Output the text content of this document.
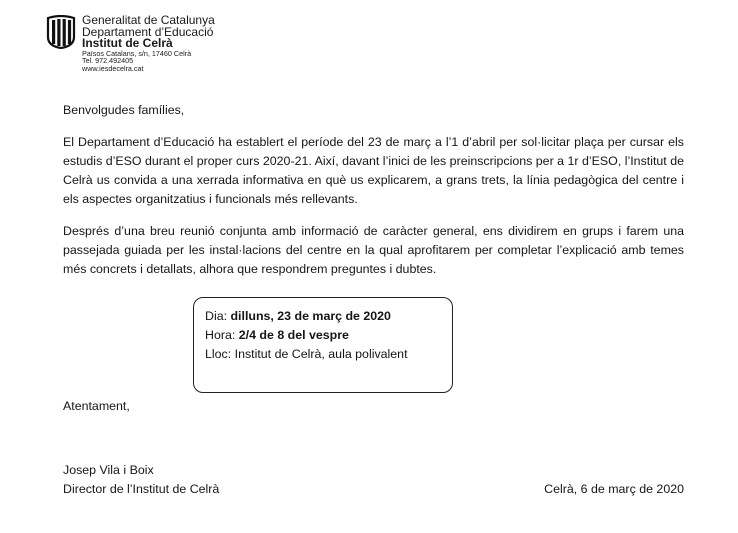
Generalitat de Catalunya
Departament d’Educació
Institut de Celrà
Països Catalans, s/n, 17460 Celrà
Tel. 972.492405
www.iesdecelra.cat
Benvolgudes famílies,
El Departament d’Educació ha establert el període del 23 de març a l’1 d’abril per sol·licitar plaça per cursar els estudis d’ESO durant el proper curs 2020-21. Així, davant l’inici de les preinscripcions per a 1r d’ESO, l’Institut de Celrà us convida a una xerrada informativa en què us explicarem, a grans trets, la línia pedagògica del centre i els aspectes organitzatius i funcionals més rellevants.
Després d’una breu reunió conjunta amb informació de caràcter general, ens dividirem en grups i farem una passejada guiada per les instal·lacions del centre en la qual aprofitarem per completar l’explicació amb temes més concrets i detallats, alhora que respondrem preguntes i dubtes.
Dia: dilluns, 23 de març de 2020
Hora: 2/4 de 8 del vespre
Lloc: Institut de Celrà, aula polivalent
Atentament,
Josep Vila i Boix
Director de l’Institut de Celrà	Celrà, 6 de març de 2020
